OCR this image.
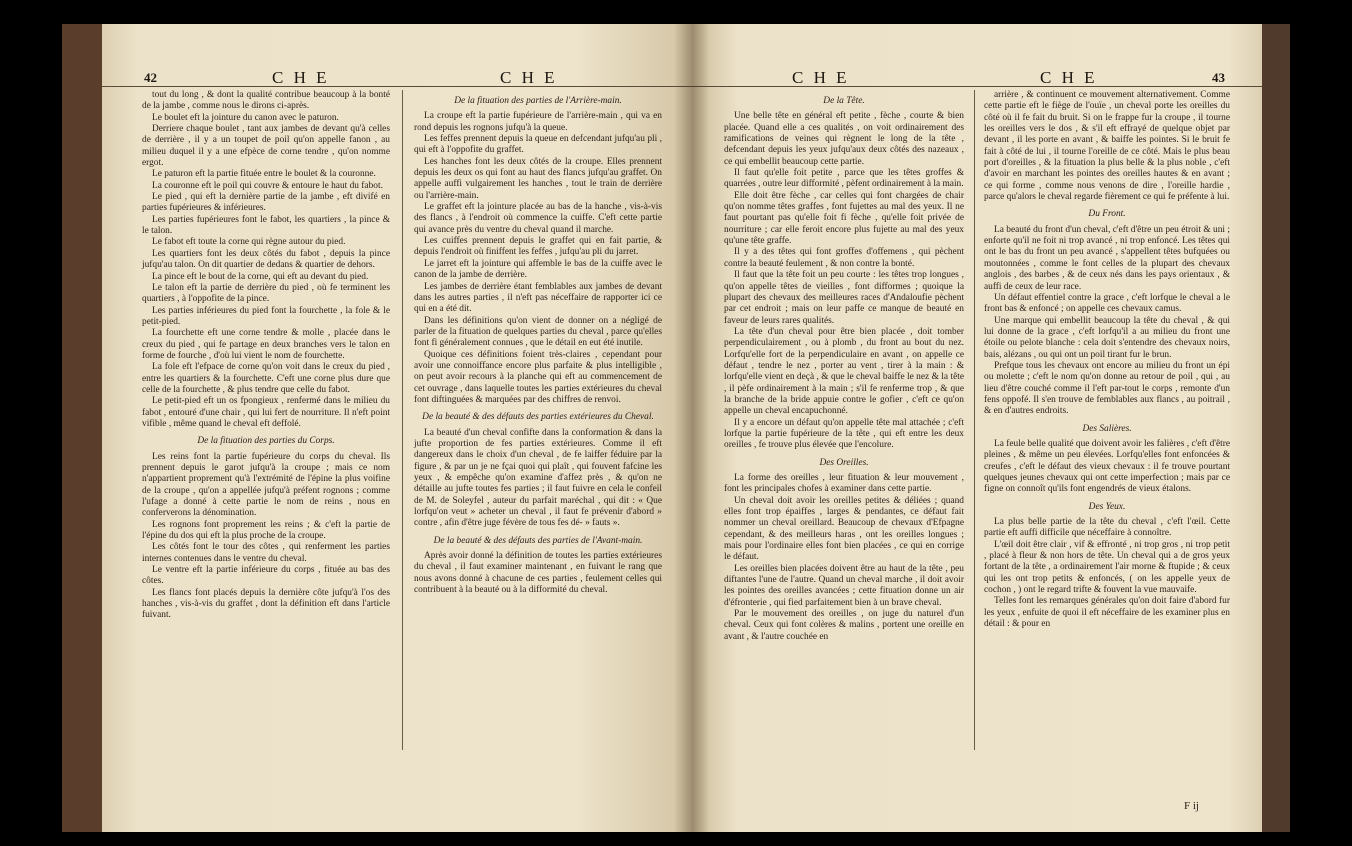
42	C H E	C H E

tout du long , & dont la qualité contribue beaucoup à la bonté de la jambe , comme nous le dirons ci-après.

Le boulet eft la jointure du canon avec le paturon.

Derriere chaque boulet , tant aux jambes de devant qu'à celles de derrière , il y a un toupet de poil qu'on appelle fanon , au milieu duquel il y a une efpèce de corne tendre , qu'on nomme ergot.

Le paturon eft la partie fituée entre le boulet & la couronne.

La couronne eft le poil qui couvre & entoure le haut du fabot.

Le pied , qui eft la dernière partie de la jambe , eft divifé en parties fupérieures & inférieures.

Les parties fupérieures font le fabot, les quartiers , la pince & le talon.

Le fabot eft toute la corne qui règne autour du pied.

Les quartiers font les deux côtés du fabot , depuis la pince jufqu'au talon. On dit quartier de dedans & quartier de dehors.

La pince eft le bout de la corne, qui eft au devant du pied.

Le talon eft la partie de derrière du pied , où fe terminent les quartiers , à l'oppofite de la pince.

Les parties inférieures du pied font la fourchette , la fole & le petit-pied.

La fourchette eft une corne tendre & molle , placée dans le creux du pied , qui fe partage en deux branches vers le talon en forme de fourche , d'où lui vient le nom de fourchette.

La fole eft l'efpace de corne qu'on voit dans le creux du pied , entre les quartiers & la fourchette. C'eft une corne plus dure que celle de la fourchette , & plus tendre que celle du fabot.

Le petit-pied eft un os fpongieux , renfermé dans le milieu du fabot , entouré d'une chair , qui lui fert de nourriture. Il n'eft point vifible , même quand le cheval eft deffolé.

De la fituation des parties du Corps.

Les reins font la partie fupérieure du corps du cheval. Ils prennent depuis le garot jufqu'à la croupe ; mais ce nom n'appartient proprement qu'à l'extrémité de l'épine la plus voifine de la croupe , qu'on a appellée jufqu'à préfent rognons ; comme l'ufage a donné à cette partie le nom de reins , nous en conferverons la dénomination.

Les rognons font proprement les reins ; & c'eft la partie de l'épine du dos qui eft la plus proche de la croupe.

Les côtés font le tour des côtes , qui renferment les parties internes contenues dans le ventre du cheval.

Le ventre eft la partie inférieure du corps , fituée au bas des côtes.

Les flancs font placés depuis la dernière côte jufqu'à l'os des hanches , vis-à-vis du graffet , dont la définition eft dans l'article fuivant.

De la fituation des parties de l'Arrière-main.

La croupe eft la partie fupérieure de l'arrière-main , qui va en rond depuis les rognons jufqu'à la queue.

Les feffes prennent depuis la queue en defcendant jufqu'au pli , qui eft à l'oppofite du graffet.

Les hanches font les deux côtés de la croupe. Elles prennent depuis les deux os qui font au haut des flancs jufqu'au graffet. On appelle auffi vulgairement les hanches , tout le train de derrière ou l'arrière-main.

Le graffet eft la jointure placée au bas de la hanche , vis-à-vis des flancs , à l'endroit où commence la cuiffe. C'eft cette partie qui avance près du ventre du cheval quand il marche.

Les cuiffes prennent depuis le graffet qui en fait partie, & depuis l'endroit où finiffent les feffes , jufqu'au pli du jarret.

Le jarret eft la jointure qui affemble le bas de la cuiffe avec le canon de la jambe de derrière.

Les jambes de derrière étant femblables aux jambes de devant dans les autres parties , il n'eft pas néceffaire de rapporter ici ce qui en a été dit.

Dans les définitions qu'on vient de donner on a négligé de parler de la fituation de quelques parties du cheval , parce qu'elles font fi généralement connues , que le détail en eut été inutile.

Quoique ces définitions foient très-claires , cependant pour avoir une connoiffance encore plus parfaite & plus intelligible , on peut avoir recours à la planche qui eft au commencement de cet ouvrage , dans laquelle toutes les parties extérieures du cheval font diftinguées & marquées par des chiffres de renvoi.

De la beauté & des défauts des parties extérieures du Cheval.

La beauté d'un cheval confifte dans la conformation & dans la jufte proportion de fes parties extérieures. Comme il eft dangereux dans le choix d'un cheval , de fe laiffer féduire par la figure , & par un je ne fçai quoi qui plaît , qui fouvent fafcine les yeux , & empêche qu'on examine d'affez près , & qu'on ne détaille au jufte toutes fes parties ; il faut fuivre en cela le confeil de M. de Soleyfel , auteur du parfait maréchal , qui dit : « Que lorfqu'on veut » acheter un cheval , il faut fe prévenir d'abord » contre , afin d'être juge févère de tous fes dé- » fauts ».

De la beauté & des défauts des parties de l'Avant-main.

Après avoir donné la définition de toutes les parties extérieures du cheval , il faut examiner maintenant , en fuivant le rang que nous avons donné à chacune de ces parties , feulement celles qui contribuent à la beauté ou à la difformité du cheval.

C H E	C H E	43
De la Tête.

Une belle tête en général eft petite , fèche , courte & bien placée. Quand elle a ces qualités , on voit ordinairement des ramifications de veines qui règnent le long de la tête , defcendant depuis les yeux jufqu'aux deux côtés des nazeaux , ce qui embellit beaucoup cette partie.

Il faut qu'elle foit petite , parce que les têtes groffes & quarrées , outre leur difformité , pèfent ordinairement à la main.

Elle doit être fèche , car celles qui font chargées de chair qu'on nomme têtes graffes , font fujettes au mal des yeux. Il ne faut pourtant pas qu'elle foit fi fèche , qu'elle foit privée de nourriture ; car elle feroit encore plus fujette au mal des yeux qu'une tête graffe.

Il y a des têtes qui font groffes d'offemens , qui pèchent contre la beauté feulement , & non contre la bonté.

Il faut que la tête foit un peu courte : les têtes trop longues , qu'on appelle têtes de vieilles , font difformes ; quoique la plupart des chevaux des meilleures races d'Andaloufie pèchent par cet endroit ; mais on leur paffe ce manque de beauté en faveur de leurs rares qualités.

La tête d'un cheval pour être bien placée , doit tomber perpendiculairement , ou à plomb , du front au bout du nez. Lorfqu'elle fort de la perpendiculaire en avant , on appelle ce défaut , tendre le nez , porter au vent , tirer à la main : & lorfqu'elle vient en deçà , & que le cheval baiffe le nez & la tête , il pèfe ordinairement à la main ; s'il fe renferme trop , & que la branche de la bride appuie contre le gofier , c'eft ce qu'on appelle un cheval encapuchonné.

Il y a encore un défaut qu'on appelle tête mal attachée ; c'eft lorfque la partie fupérieure de la tête , qui eft entre les deux oreilles , fe trouve plus élevée que l'encolure.

Des Oreilles.

La forme des oreilles , leur fituation & leur mouvement , font les principales chofes à examiner dans cette partie.

Un cheval doit avoir les oreilles petites & déliées ; quand elles font trop épaiffes , larges & pendantes, ce défaut fait nommer un cheval oreillard. Beaucoup de chevaux d'Efpagne cependant, & des meilleurs haras , ont les oreilles longues ; mais pour l'ordinaire elles font bien placées , ce qui en corrige le défaut.

Les oreilles bien placées doivent être au haut de la tête , peu diftantes l'une de l'autre. Quand un cheval marche , il doit avoir les pointes des oreilles avancées ; cette fituation donne un air d'éfronterie , qui fied parfaitement bien à un brave cheval.

Par le mouvement des oreilles , on juge du naturel d'un cheval. Ceux qui font colères & malins , portent une oreille en avant , & l'autre couchée en

arrière , & continuent ce mouvement alternativement. Comme cette partie eft le fiège de l'ouïe , un cheval porte les oreilles du côté où il fe fait du bruit. Si on le frappe fur la croupe , il tourne les oreilles vers le dos , & s'il eft effrayé de quelque objet par devant , il les porte en avant , & baiffe les pointes. Si le bruit fe fait à côté de lui , il tourne l'oreille de ce côté. Mais le plus beau port d'oreilles , & la fituation la plus belle & la plus noble , c'eft d'avoir en marchant les pointes des oreilles hautes & en avant ; ce qui forme , comme nous venons de dire , l'oreille hardie , parce qu'alors le cheval regarde fièrement ce qui fe préfente à lui.

Du Front.

La beauté du front d'un cheval, c'eft d'être un peu étroit & uni ; enforte qu'il ne foit ni trop avancé , ni trop enfoncé. Les têtes qui ont le bas du front un peu avancé , s'appellent têtes bufquées ou moutonnées , comme le font celles de la plupart des chevaux anglois , des barbes , & de ceux nés dans les pays orientaux , & auffi de ceux de leur race.

Un défaut effentiel contre la grace , c'eft lorfque le cheval a le front bas & enfoncé ; on appelle ces chevaux camus.

Une marque qui embellit beaucoup la tête du cheval , & qui lui donne de la grace , c'eft lorfqu'il a au milieu du front une étoile ou pelote blanche : cela doit s'entendre des chevaux noirs, bais, alézans , ou qui ont un poil tirant fur le brun.

Prefque tous les chevaux ont encore au milieu du front un épi ou molette ; c'eft le nom qu'on donne au retour de poil , qui , au lieu d'être couché comme il l'eft par-tout le corps , remonte d'un fens oppofé. Il s'en trouve de femblables aux flancs , au poitrail , & en d'autres endroits.

Des Salières.

La feule belle qualité que doivent avoir les falières , c'eft d'être pleines , & même un peu élevées. Lorfqu'elles font enfoncées & creufes , c'eft le défaut des vieux chevaux : il fe trouve pourtant quelques jeunes chevaux qui ont cette imperfection ; mais par ce figne on connoît qu'ils font engendrés de vieux étalons.

Des Yeux.

La plus belle partie de la tête du cheval , c'eft l'œil. Cette partie eft auffi difficile que néceffaire à connoître.

L'œil doit être clair , vif & effronté , ni trop gros , ni trop petit , placé à fleur & non hors de tête. Un cheval qui a de gros yeux fortant de la tête , a ordinairement l'air morne & ftupide ; & ceux qui les ont trop petits & enfoncés, ( on les appelle yeux de cochon , ) ont le regard trifte & fouvent la vue mauvaife.

Telles font les remarques générales qu'on doit faire d'abord fur les yeux , enfuite de quoi il eft néceffaire de les examiner plus en détail : & pour en

F ij
